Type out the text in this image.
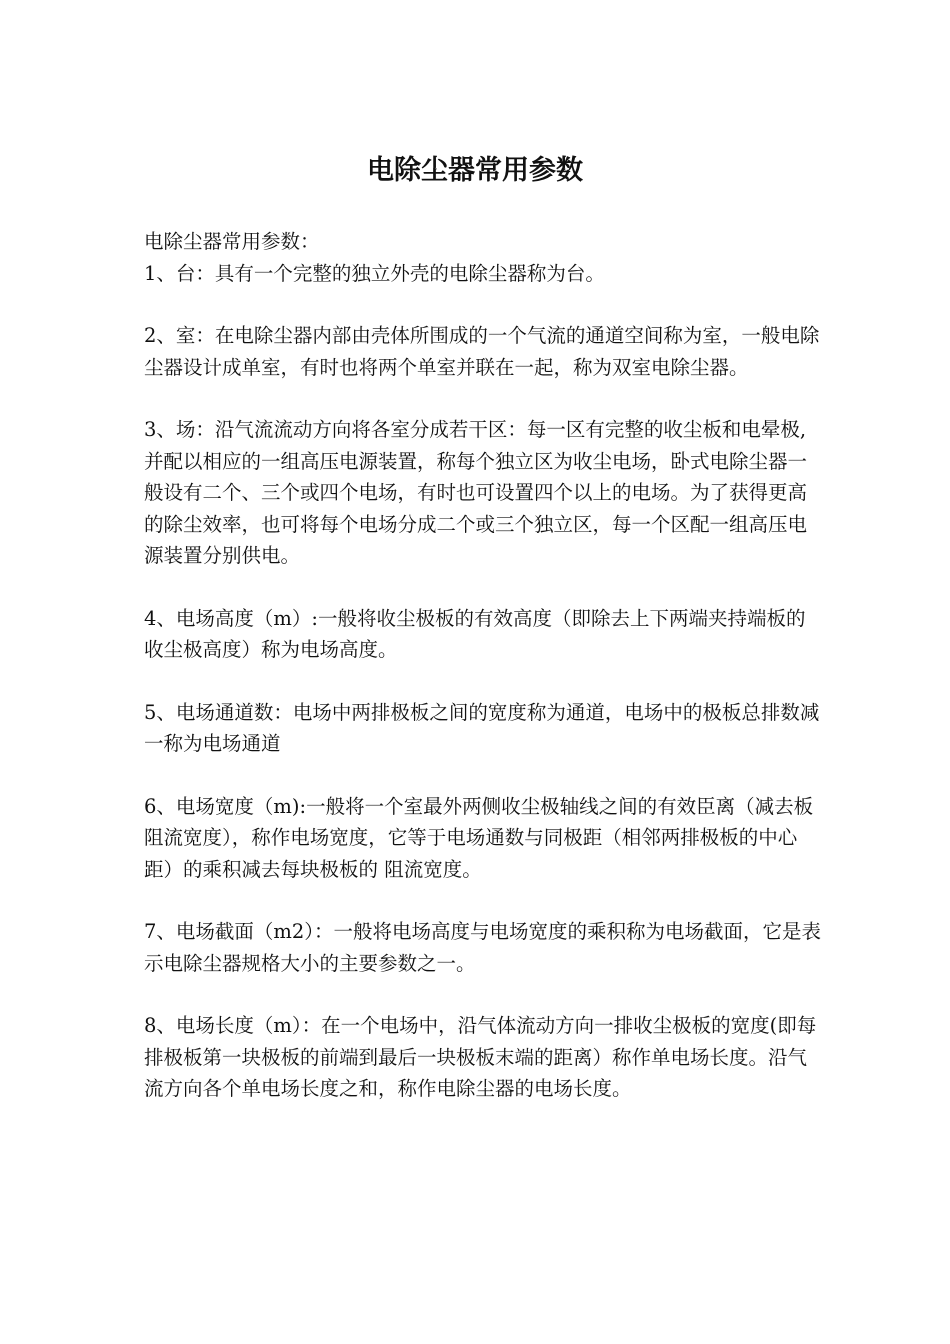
电除尘器常用参数

电除尘器常用参数：

1、台：具有一个完整的独立外壳的电除尘器称为台。

2、室：在电除尘器内部由壳体所围成的一个气流的通道空间称为室，一般电除尘器设计成单室，有时也将两个单室并联在一起，称为双室电除尘器。

3、场：沿气流流动方向将各室分成若干区：每一区有完整的收尘板和电晕极,并配以相应的一组高压电源装置，称每个独立区为收尘电场，卧式电除尘器一般设有二个、三个或四个电场，有时也可设置四个以上的电场。为了获得更高的除尘效率，也可将每个电场分成二个或三个独立区，每一个区配一组高压电源装置分别供电。

4、电场高度（m）:一般将收尘极板的有效高度（即除去上下两端夹持端板的收尘极高度）称为电场高度。

5、电场通道数：电场中两排极板之间的宽度称为通道，电场中的极板总排数减一称为电场通道

6、电场宽度（m):一般将一个室最外两侧收尘极轴线之间的有效臣离（减去板阻流宽度），称作电场宽度，它等于电场通数与同极距（相邻两排极板的中心距）的乘积减去每块极板的 阻流宽度。

7、电场截面（m2）：一般将电场高度与电场宽度的乘积称为电场截面，它是表示电除尘器规格大小的主要参数之一。

8、电场长度（m）：在一个电场中，沿气体流动方向一排收尘极板的宽度(即每排极板第一块极板的前端到最后一块极板末端的距离）称作单电场长度。沿气流方向各个单电场长度之和，称作电除尘器的电场长度。
